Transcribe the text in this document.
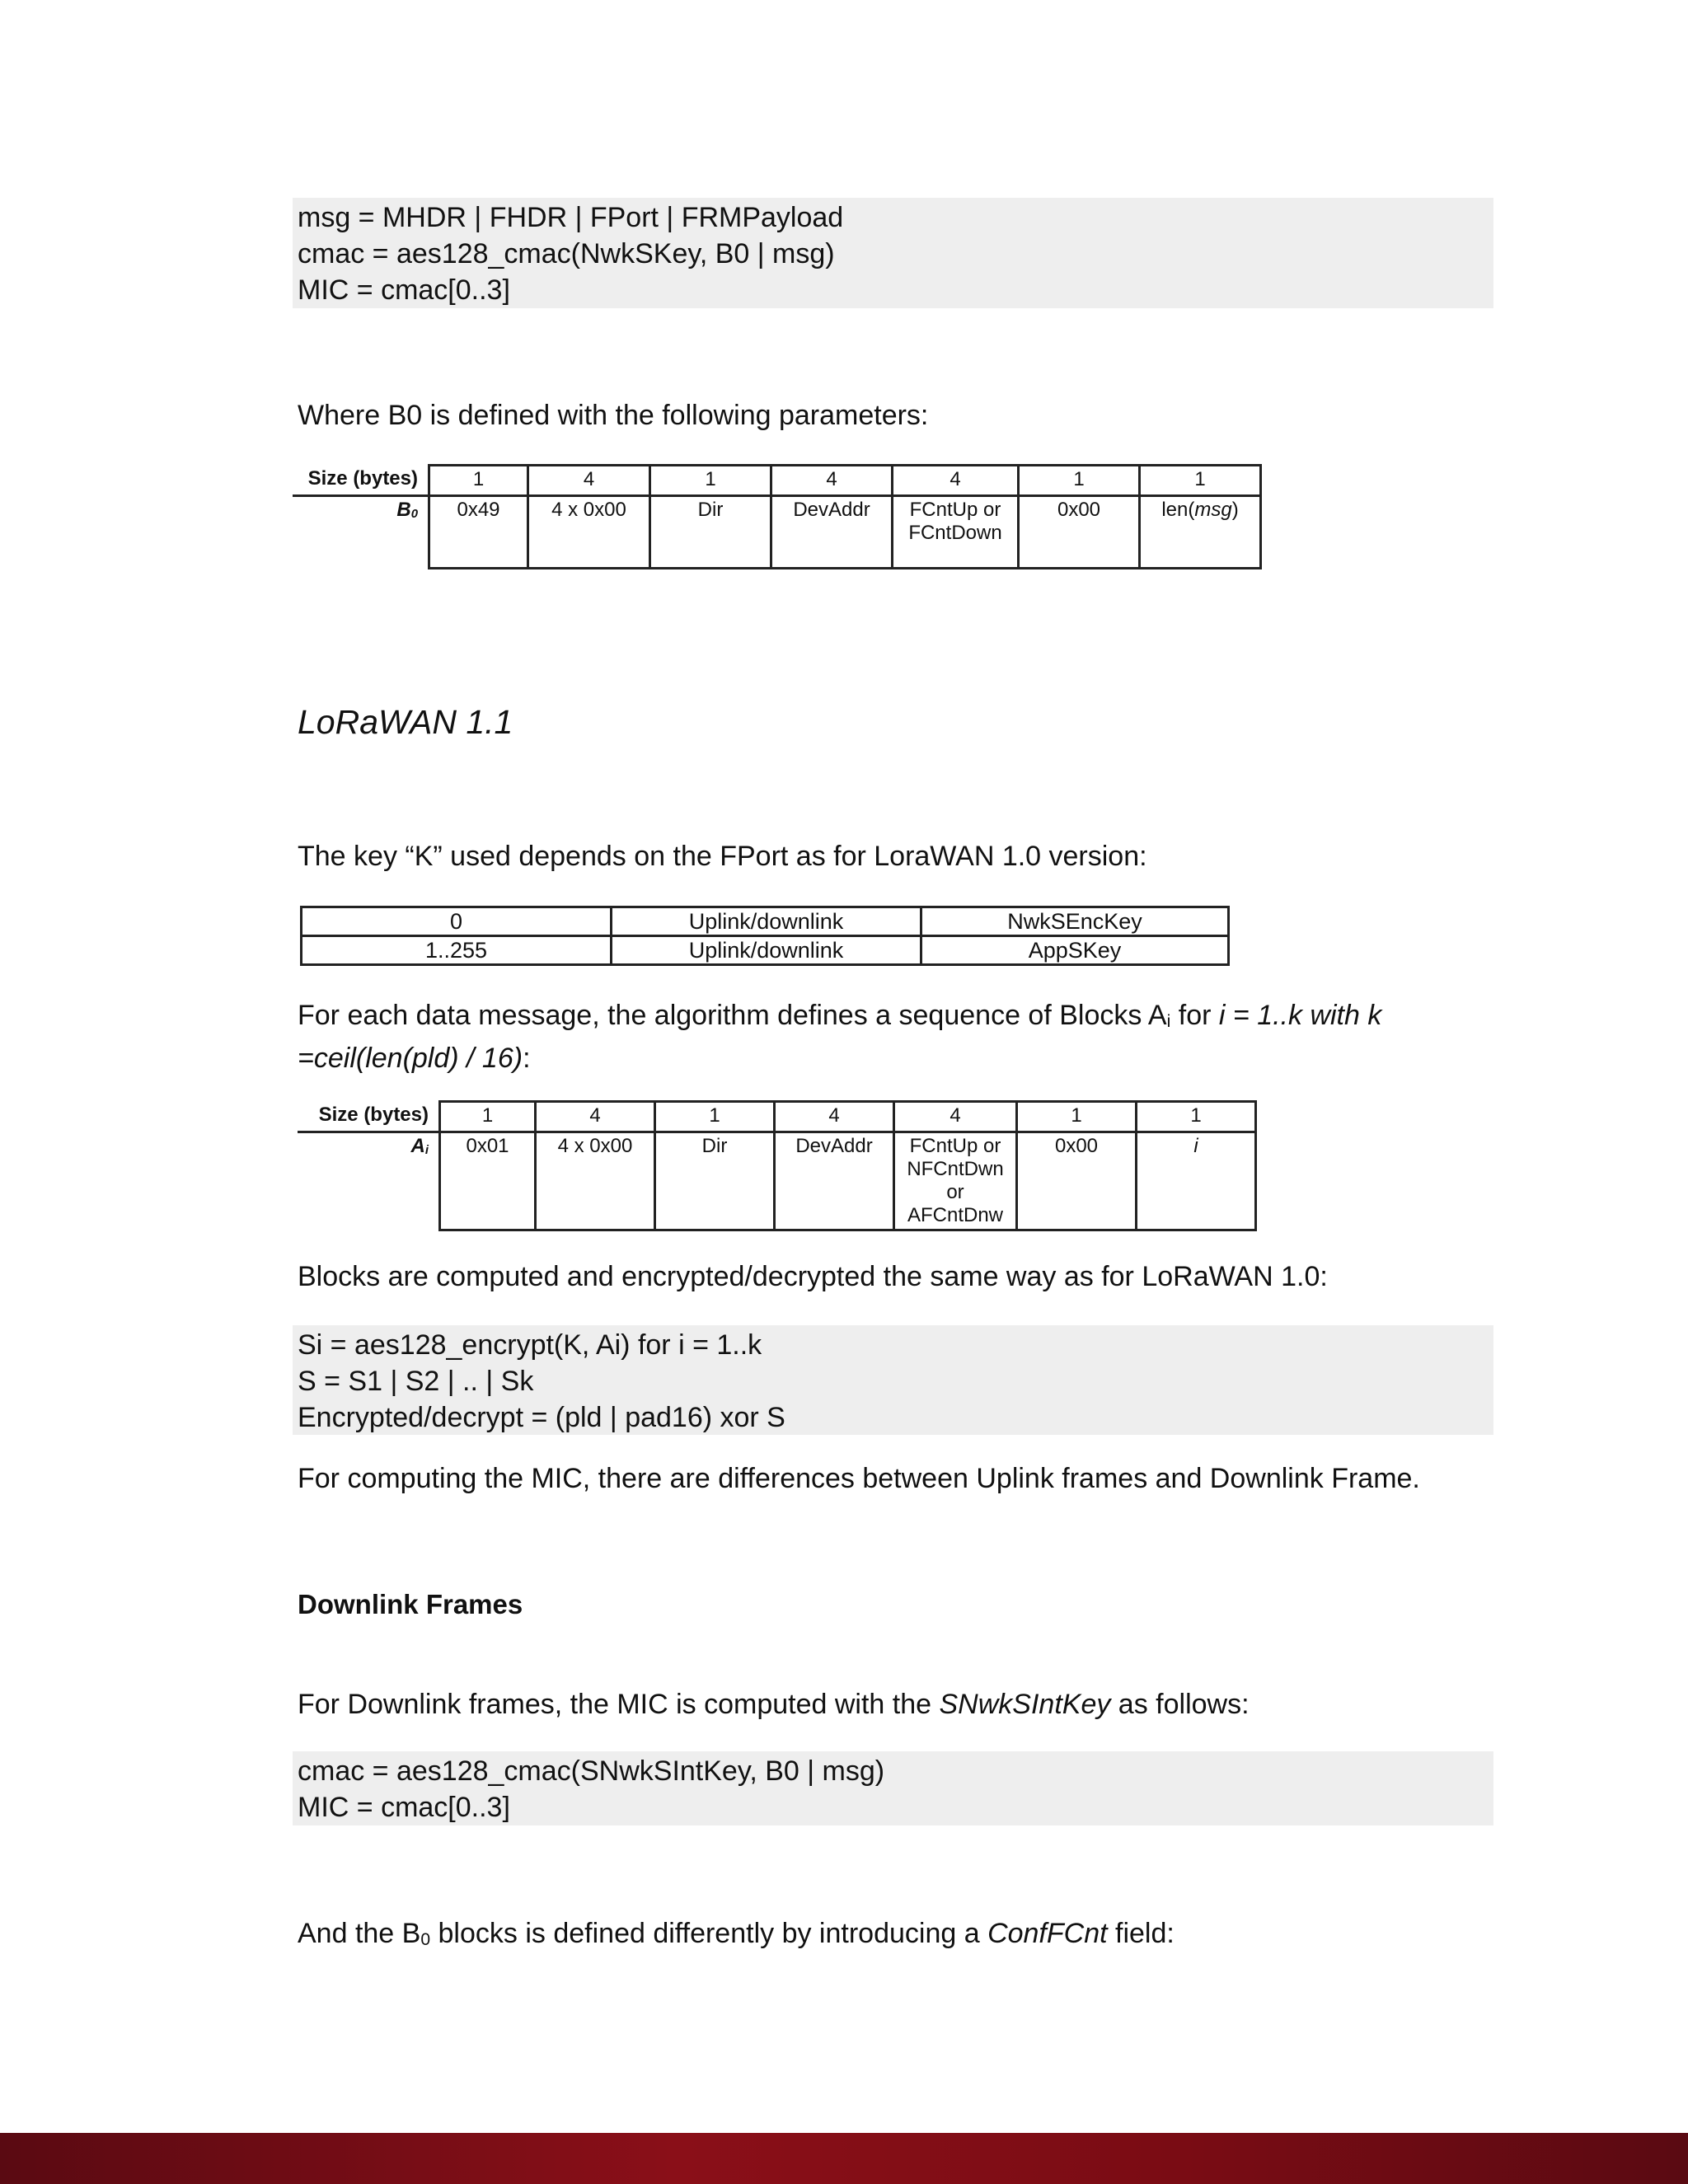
msg = MHDR | FHDR | FPort | FRMPayload
cmac = aes128_cmac(NwkSKey, B0 | msg)
MIC = cmac[0..3]
Where B0 is defined with the following parameters:
Size (bytes)	1	4	1	4	4	1	1
B0	0x49	4 x 0x00	Dir	DevAddr	FCntUp or FCntDown	0x00	len(msg)
LoRaWAN 1.1
The key “K” used depends on the FPort as for LoraWAN 1.0 version:
0	Uplink/downlink	NwkSEncKey
1..255	Uplink/downlink	AppSKey
For each data message, the algorithm defines a sequence of Blocks Ai for i = 1..k with k
=ceil(len(pld) / 16):
Size (bytes)	1	4	1	4	4	1	1
Ai	0x01	4 x 0x00	Dir	DevAddr	FCntUp or NFCntDwn or AFCntDnw	0x00	i
Blocks are computed and encrypted/decrypted the same way as for LoRaWAN 1.0:
Si = aes128_encrypt(K, Ai) for i = 1..k
S = S1 | S2 | .. | Sk
Encrypted/decrypt = (pld | pad16) xor S
For computing the MIC, there are differences between Uplink frames and Downlink Frame.
Downlink Frames
For Downlink frames, the MIC is computed with the SNwkSIntKey as follows:
cmac = aes128_cmac(SNwkSIntKey, B0 | msg)
MIC = cmac[0..3]
And the B0 blocks is defined differently by introducing a ConfFCnt field:
